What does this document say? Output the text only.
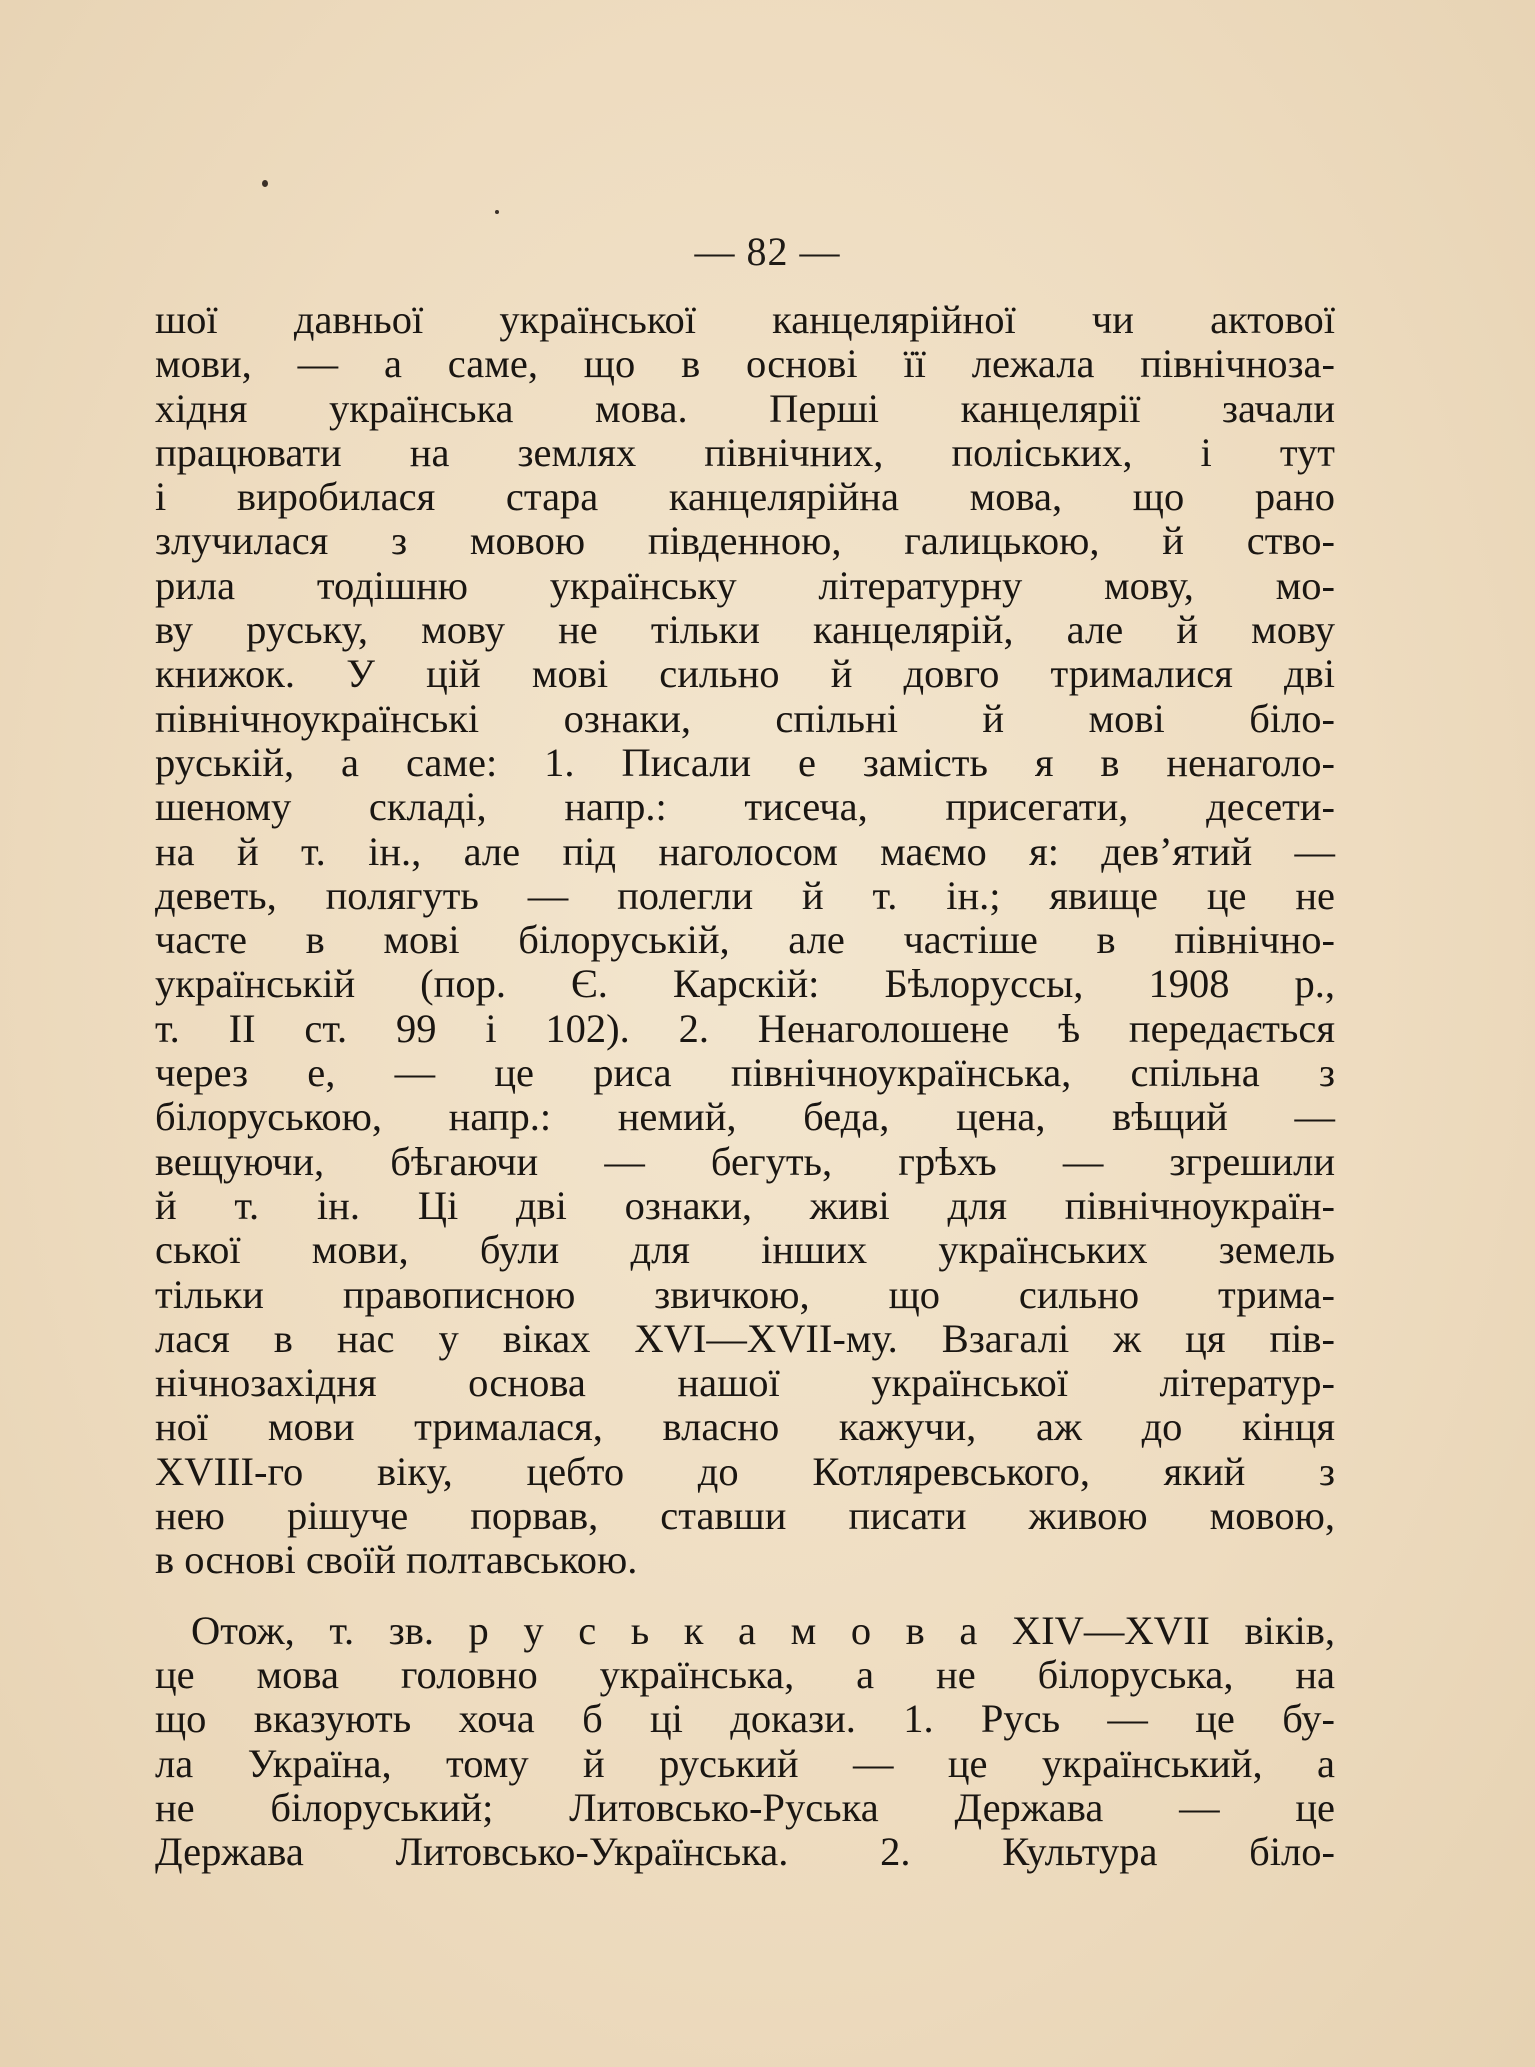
— 82 —
шої давньої української канцелярійної чи актової
мови, — а саме, що в основі її лежала північноза-
хідня українська мова. Перші канцелярії зачали
працювати на землях північних, поліських, і тут
і виробилася стара канцелярійна мова, що рано
злучилася з мовою південною, галицькою, й ство-
рила тодішню українську літературну мову, мо-
ву руську, мову не тільки канцелярій, але й мову
книжок. У цій мові сильно й довго трималися дві
північноукраїнські ознаки, спільні й мові біло-
руській, а саме: 1. Писали е замість я в ненаголо-
шеному складі, напр.: тисеча, присегати, десети-
на й т. ін., але під наголосом маємо я: дев’ятий —
деветь, полягуть — полегли й т. ін.; явище це не
часте в мові білоруській, але частіше в північно-
українській (пор. Є. Карскій: Бѣлоруссы, 1908 р.,
т. II ст. 99 і 102). 2. Ненаголошене ѣ передається
через е, — це риса північноукраїнська, спільна з
білоруською, напр.: немий, беда, цена, вѣщий —
вещуючи, бѣгаючи — бегуть, грѣхъ — згрешили
й т. ін. Ці дві ознаки, живі для північноукраїн-
ської мови, були для інших українських земель
тільки правописною звичкою, що сильно трима-
лася в нас у віках XVI—XVII-му. Взагалі ж ця пів-
нічнозахідня основа нашої української літератур-
ної мови трималася, власно кажучи, аж до кінця
XVIII-го віку, цебто до Котляревського, який з
нею рішуче порвав, ставши писати живою мовою,
в основі своїй полтавською.
Отож, т. зв. р у с ь к а м о в а XIV—XVII віків,
це мова головно українська, а не білоруська, на
що вказують хоча б ці докази. 1. Русь — це бу-
ла Україна, тому й руський — це український, а
не білоруський; Литовсько-Руська Держава — це
Держава Литовсько-Українська. 2. Культура біло-
